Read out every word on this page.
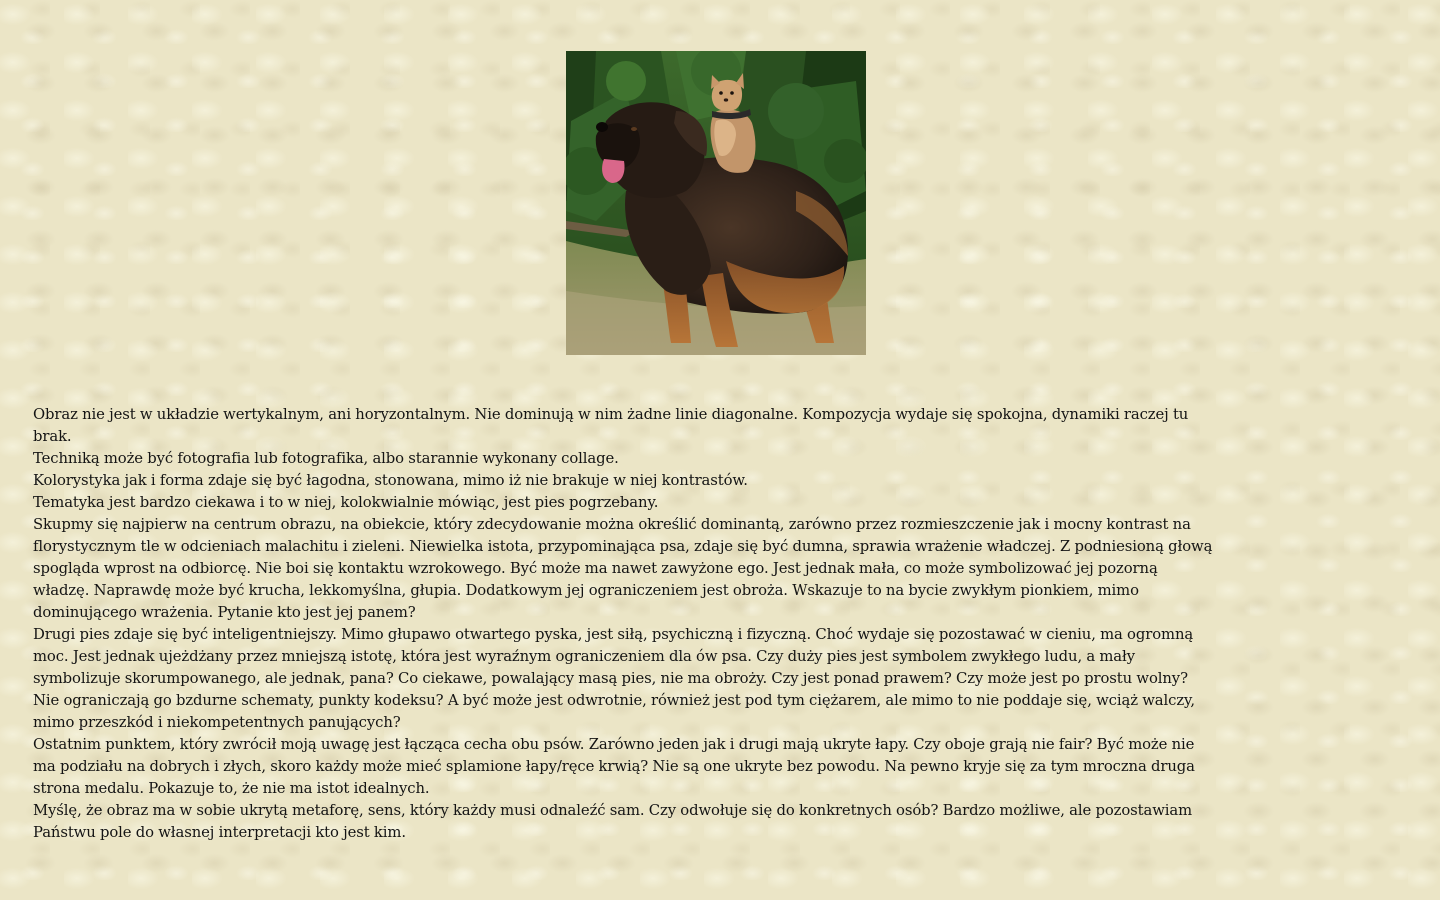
Obraz nie jest w układzie wertykalnym, ani horyzontalnym. Nie dominują w nim żadne linie diagonalne. Kompozycja wydaje się spokojna, dynamiki raczej tu brak.

Techniką może być fotografia lub fotografika, albo starannie wykonany collage.

Kolorystyka jak i forma zdaje się być łagodna, stonowana, mimo iż nie brakuje w niej kontrastów.

Tematyka jest bardzo ciekawa i to w niej, kolokwialnie mówiąc, jest pies pogrzebany.

Skupmy się najpierw na centrum obrazu, na obiekcie, który zdecydowanie można określić dominantą, zarówno przez rozmieszczenie jak i mocny kontrast na florystycznym tle w odcieniach malachitu i zieleni. Niewielka istota, przypominająca psa, zdaje się być dumna, sprawia wrażenie władczej. Z podniesioną głową spogląda wprost na odbiorcę. Nie boi się kontaktu wzrokowego. Być może ma nawet zawyżone ego. Jest jednak mała, co może symbolizować jej pozorną władzę. Naprawdę może być krucha, lekkomyślna, głupia. Dodatkowym jej ograniczeniem jest obroża. Wskazuje to na bycie zwykłym pionkiem, mimo dominującego wrażenia. Pytanie kto jest jej panem?

Drugi pies zdaje się być inteligentniejszy. Mimo głupawo otwartego pyska, jest siłą, psychiczną i fizyczną. Choć wydaje się pozostawać w cieniu, ma ogromną moc. Jest jednak ujeżdżany przez mniejszą istotę, która jest wyraźnym ograniczeniem dla ów psa. Czy duży pies jest symbolem zwykłego ludu, a mały symbolizuje skorumpowanego, ale jednak, pana? Co ciekawe, powalający masą pies, nie ma obroży. Czy jest ponad prawem? Czy może jest po prostu wolny? Nie ograniczają go bzdurne schematy, punkty kodeksu? A być może jest odwrotnie, również jest pod tym ciężarem, ale mimo to nie poddaje się, wciąż walczy, mimo przeszkód i niekompetentnych panujących?

Ostatnim punktem, który zwrócił moją uwagę jest łącząca cecha obu psów. Zarówno jeden jak i drugi mają ukryte łapy. Czy oboje grają nie fair? Być może nie ma podziału na dobrych i złych, skoro każdy może mieć splamione łapy/ręce krwią? Nie są one ukryte bez powodu. Na pewno kryje się za tym mroczna druga strona medalu. Pokazuje to, że nie ma istot idealnych.

Myślę, że obraz ma w sobie ukrytą metaforę, sens, który każdy musi odnaleźć sam. Czy odwołuje się do konkretnych osób? Bardzo możliwe, ale pozostawiam Państwu pole do własnej interpretacji kto jest kim.
